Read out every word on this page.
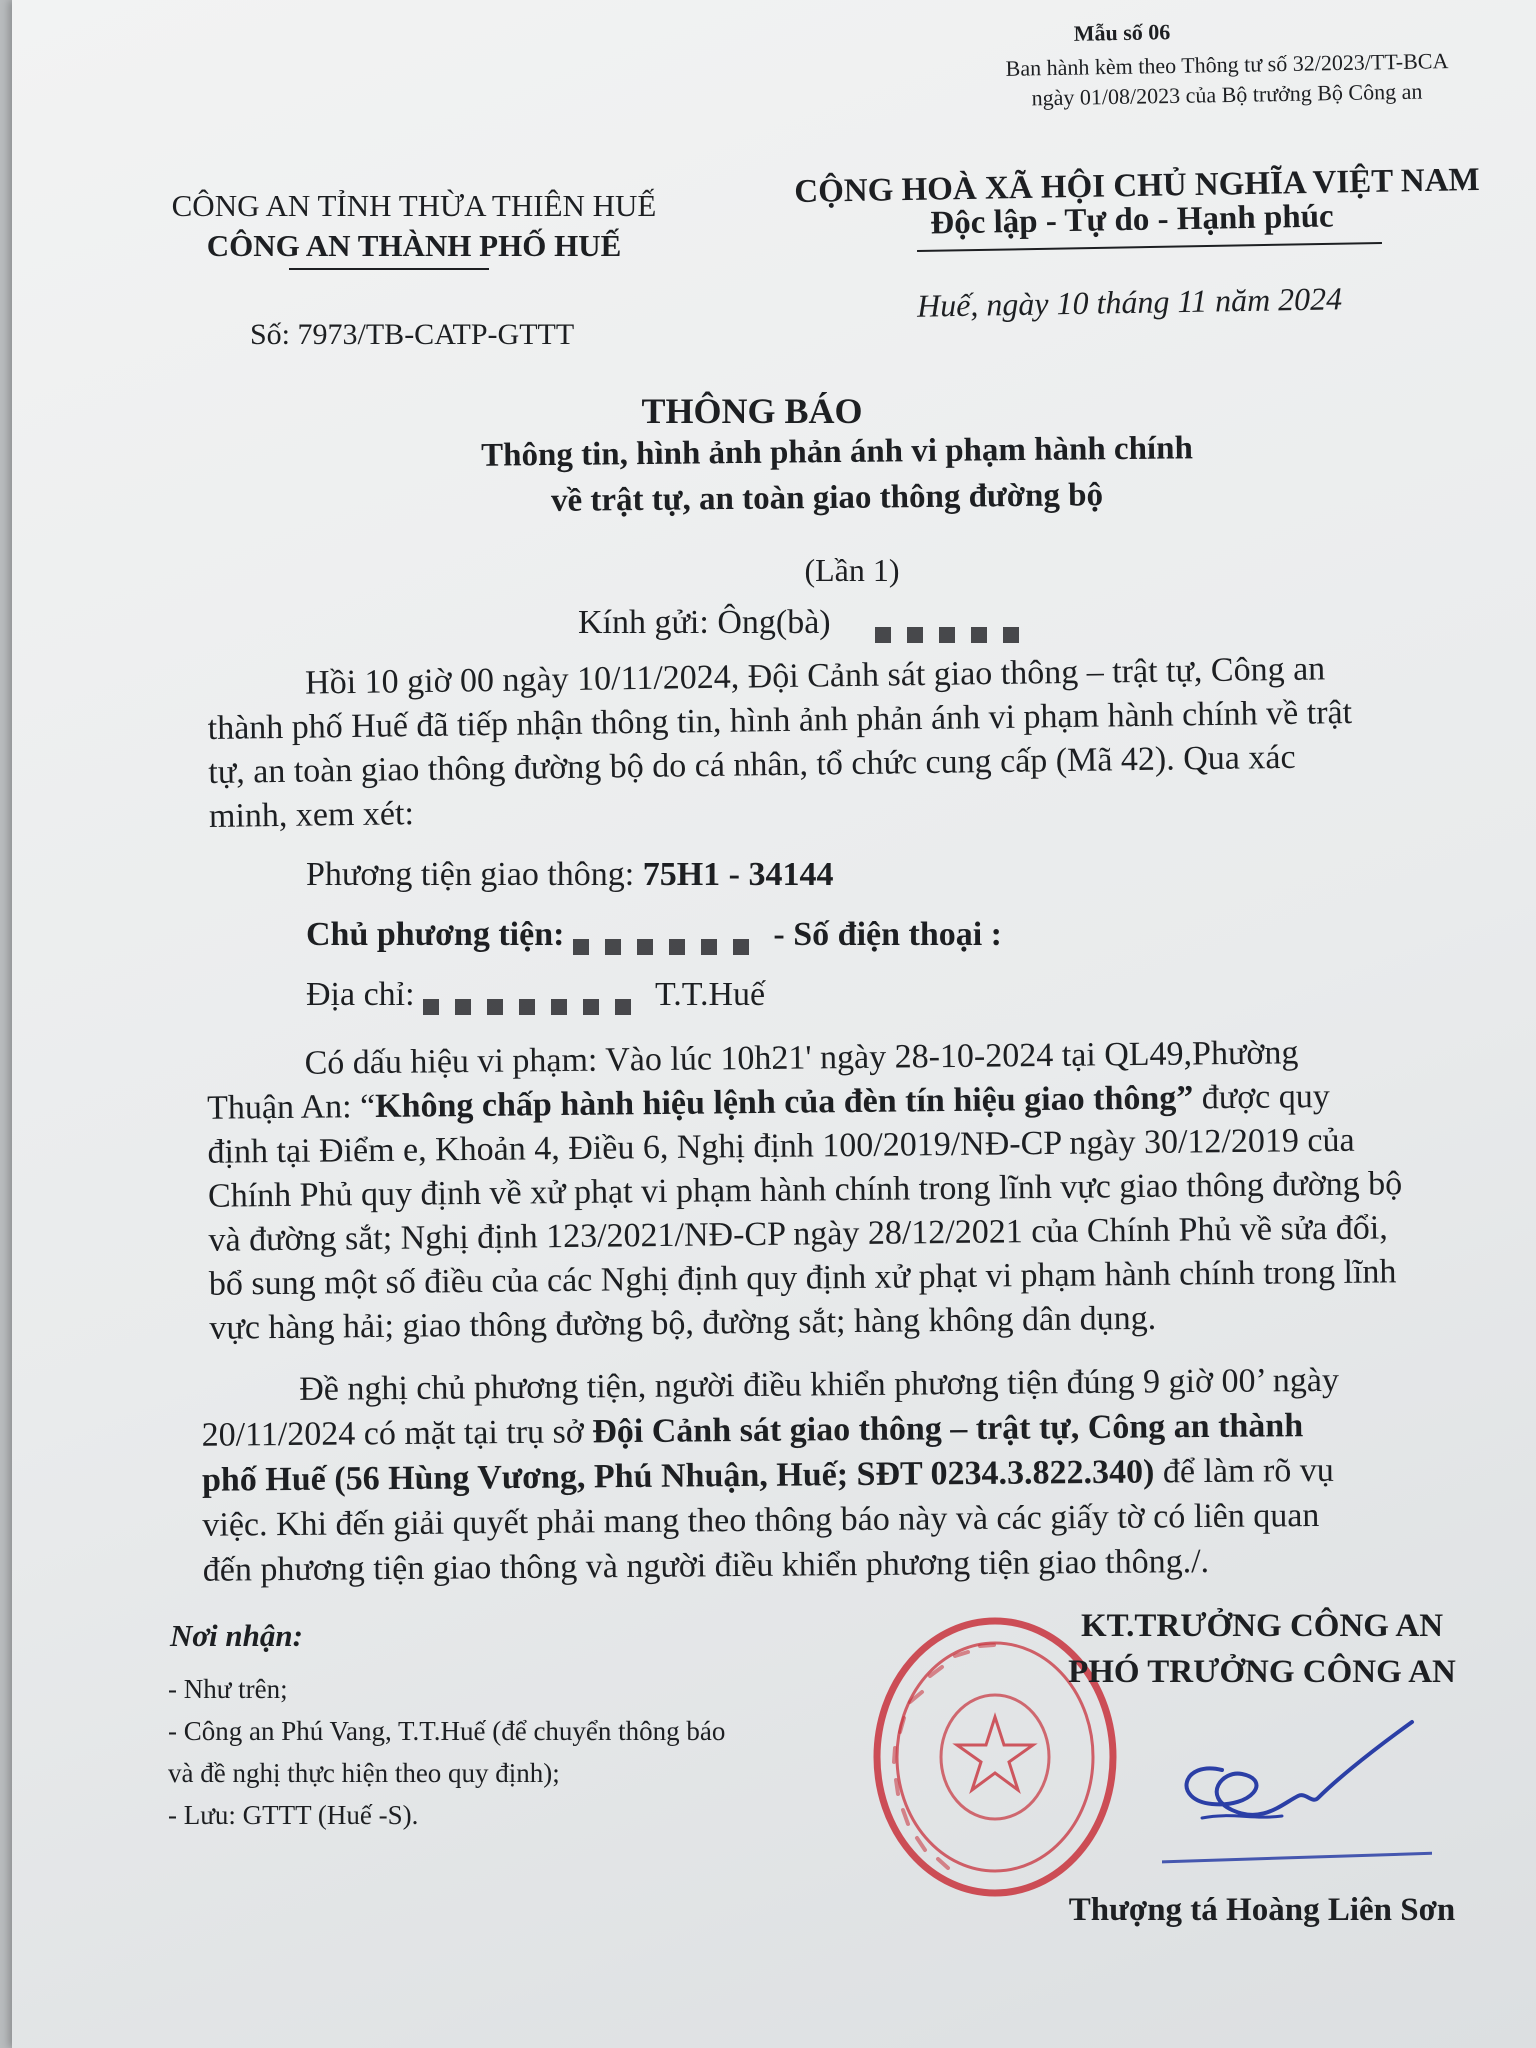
Mẫu số 06
Ban hành kèm theo Thông tư số 32/2023/TT-BCA
ngày 01/08/2023 của Bộ trưởng Bộ Công an
CÔNG AN TỈNH THỪA THIÊN HUẾ
CÔNG AN THÀNH PHỐ HUẾ
Số: 7973/TB-CATP-GTTT
CỘNG HOÀ XÃ HỘI CHỦ NGHĨA VIỆT NAM
Độc lập - Tự do - Hạnh phúc
Huế, ngày 10 tháng 11 năm 2024
THÔNG BÁO
Thông tin, hình ảnh phản ánh vi phạm hành chính
về trật tự, an toàn giao thông đường bộ
(Lần 1)
Kính gửi: Ông(bà)
Hồi 10 giờ 00 ngày 10/11/2024, Đội Cảnh sát giao thông – trật tự, Công an
thành phố Huế đã tiếp nhận thông tin, hình ảnh phản ánh vi phạm hành chính về trật
tự, an toàn giao thông đường bộ do cá nhân, tổ chức cung cấp (Mã 42). Qua xác
minh, xem xét:
Phương tiện giao thông: 75H1 - 34144
Chủ phương tiện:	- Số điện thoại :
Địa chỉ:	T.T.Huế
Có dấu hiệu vi phạm: Vào lúc 10h21' ngày 28-10-2024 tại QL49,Phường
Thuận An: “Không chấp hành hiệu lệnh của đèn tín hiệu giao thông” được quy
định tại Điểm e, Khoản 4, Điều 6, Nghị định 100/2019/NĐ-CP ngày 30/12/2019 của
Chính Phủ quy định về xử phạt vi phạm hành chính trong lĩnh vực giao thông đường bộ
và đường sắt; Nghị định 123/2021/NĐ-CP ngày 28/12/2021 của Chính Phủ về sửa đổi,
bổ sung một số điều của các Nghị định quy định xử phạt vi phạm hành chính trong lĩnh
vực hàng hải; giao thông đường bộ, đường sắt; hàng không dân dụng.
Đề nghị chủ phương tiện, người điều khiển phương tiện đúng 9 giờ 00’ ngày
20/11/2024 có mặt tại trụ sở Đội Cảnh sát giao thông – trật tự, Công an thành
phố Huế (56 Hùng Vương, Phú Nhuận, Huế; SĐT 0234.3.822.340) để làm rõ vụ
việc. Khi đến giải quyết phải mang theo thông báo này và các giấy tờ có liên quan
đến phương tiện giao thông và người điều khiển phương tiện giao thông./.
Nơi nhận:
- Như trên;
- Công an Phú Vang, T.T.Huế (để chuyển thông báo
và đề nghị thực hiện theo quy định);
- Lưu: GTTT (Huế -S).
KT.TRƯỞNG CÔNG AN
PHÓ TRƯỞNG CÔNG AN
Thượng tá Hoàng Liên Sơn
